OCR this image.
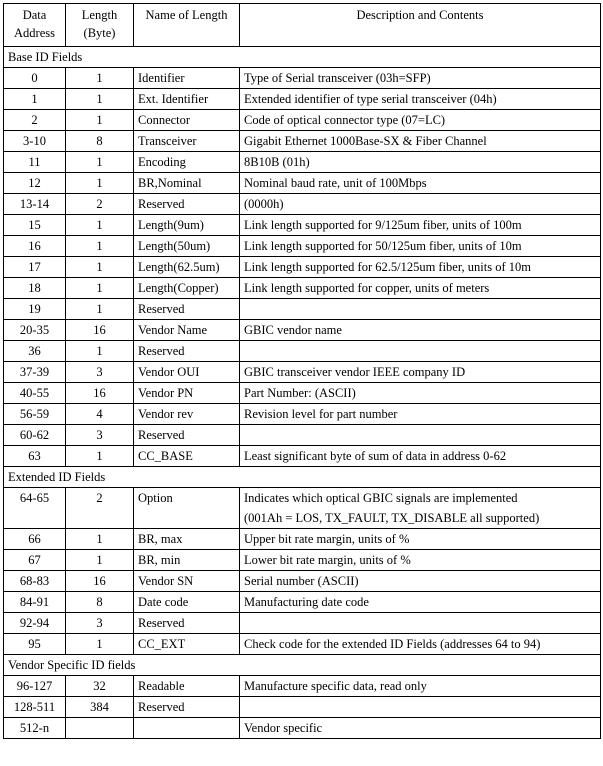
Data Address	Length (Byte)	Name of Length	Description and Contents
Base ID Fields			
0	1	Identifier	Type of Serial transceiver (03h=SFP)
1	1	Ext. Identifier	Extended identifier of type serial transceiver (04h)
2	1	Connector	Code of optical connector type (07=LC)
3-10	8	Transceiver	Gigabit Ethernet 1000Base-SX & Fiber Channel
11	1	Encoding	8B10B (01h)
12	1	BR,Nominal	Nominal baud rate, unit of 100Mbps
13-14	2	Reserved	(0000h)
15	1	Length(9um)	Link length supported for 9/125um fiber, units of 100m
16	1	Length(50um)	Link length supported for 50/125um fiber, units of 10m
17	1	Length(62.5um)	Link length supported for 62.5/125um fiber, units of 10m
18	1	Length(Copper)	Link length supported for copper, units of meters
19	1	Reserved	
20-35	16	Vendor Name	GBIC vendor name
36	1	Reserved	
37-39	3	Vendor OUI	GBIC transceiver vendor IEEE company ID
40-55	16	Vendor PN	Part Number: (ASCII)
56-59	4	Vendor rev	Revision level for part number
60-62	3	Reserved	
63	1	CC_BASE	Least significant byte of sum of data in address 0-62
Extended ID Fields			
64-65	2	Option	Indicates which optical GBIC signals are implemented
(001Ah = LOS, TX_FAULT, TX_DISABLE all supported)

66	1	BR, max	Upper bit rate margin, units of %
67	1	BR, min	Lower bit rate margin, units of %
68-83	16	Vendor SN	Serial number (ASCII)
84-91	8	Date code	Manufacturing date code
92-94	3	Reserved	
95	1	CC_EXT	Check code for the extended ID Fields (addresses 64 to 94)
Vendor Specific ID fields			
96-127	32	Readable	Manufacture specific data, read only
128-511	384	Reserved	
512-n			Vendor specific
